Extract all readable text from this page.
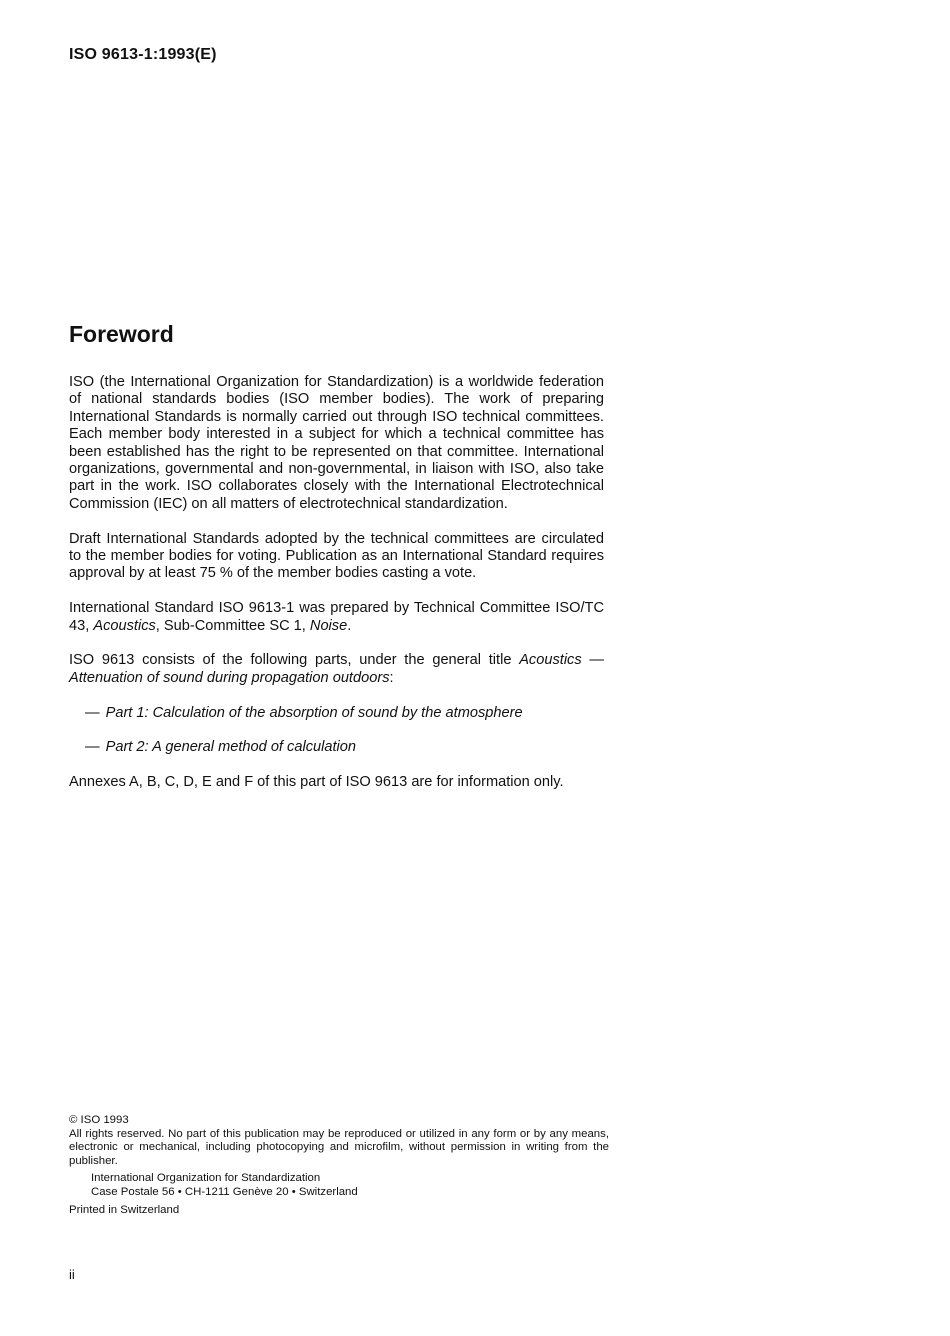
ISO 9613-1:1993(E)
Foreword

ISO (the International Organization for Standardization) is a worldwide federation of national standards bodies (ISO member bodies). The work of preparing International Standards is normally carried out through ISO technical committees. Each member body interested in a subject for which a technical committee has been established has the right to be represented on that committee. International organizations, governmental and non-governmental, in liaison with ISO, also take part in the work. ISO collaborates closely with the International Electrotechnical Commission (IEC) on all matters of electrotechnical standardization.

Draft International Standards adopted by the technical committees are circulated to the member bodies for voting. Publication as an International Standard requires approval by at least 75 % of the member bodies casting a vote.

International Standard ISO 9613-1 was prepared by Technical Committee ISO/TC 43, Acoustics, Sub-Committee SC 1, Noise.

ISO 9613 consists of the following parts, under the general title Acoustics — Attenuation of sound during propagation outdoors:

— Part 1: Calculation of the absorption of sound by the atmosphere
— Part 2: A general method of calculation

Annexes A, B, C, D, E and F of this part of ISO 9613 are for information only.

© ISO 1993

All rights reserved. No part of this publication may be reproduced or utilized in any form or by any means, electronic or mechanical, including photocopying and microfilm, without permission in writing from the publisher.

International Organization for Standardization
Case Postale 56 • CH-1211 Genève 20 • Switzerland

Printed in Switzerland

ii
